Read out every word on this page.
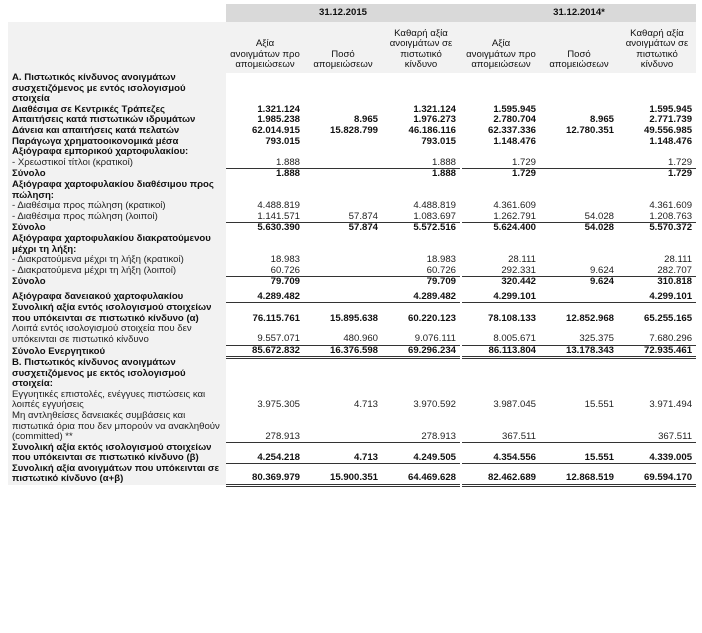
	31.12.2015				31.12.2014*		
	Αξία ανοιγμάτων προ απομειώσεων	Ποσό απομειώσεων	Καθαρή αξία ανοιγμάτων σε πιστωτικό κίνδυνο		Αξία ανοιγμάτων προ απομειώσεων	Ποσό απομειώσεων	Καθαρή αξία ανοιγμάτων σε πιστωτικό κίνδυνο
A. Πιστωτικός κίνδυνος ανοιγμάτων συσχετιζόμενος με εντός ισολογισμού στοιχεία							
Διαθέσιμα σε Κεντρικές Τράπεζες	1.321.124		1.321.124		1.595.945		1.595.945
Απαιτήσεις κατά πιστωτικών ιδρυμάτων	1.985.238	8.965	1.976.273		2.780.704	8.965	2.771.739
Δάνεια και απαιτήσεις κατά πελατών	62.014.915	15.828.799	46.186.116		62.337.336	12.780.351	49.556.985
Παράγωγα χρηματοοικονομικά μέσα	793.015		793.015		1.148.476		1.148.476
Αξιόγραφα εμπορικού χαρτοφυλακίου:							
- Χρεωστικοί τίτλοι (κρατικοί)	1.888		1.888		1.729		1.729
Σύνολο	1.888		1.888		1.729		1.729
Αξιόγραφα χαρτοφυλακίου διαθέσιμου προς πώληση:							
- Διαθέσιμα προς πώληση (κρατικοί)	4.488.819		4.488.819		4.361.609		4.361.609
- Διαθέσιμα προς πώληση (λοιποί)	1.141.571	57.874	1.083.697		1.262.791	54.028	1.208.763
Σύνολο	5.630.390	57.874	5.572.516		5.624.400	54.028	5.570.372
Αξιόγραφα χαρτοφυλακίου διακρατούμενου μέχρι τη λήξη:							
- Διακρατούμενα μέχρι τη λήξη (κρατικοί)	18.983		18.983		28.111		28.111
- Διακρατούμενα μέχρι τη λήξη (λοιποί)	60.726		60.726		292.331	9.624	282.707
Σύνολο	79.709		79.709		320.442	9.624	310.818

Αξιόγραφα δανειακού χαρτοφυλακίου	4.289.482		4.289.482		4.299.101		4.299.101
Συνολική αξία εντός ισολογισμού στοιχείων που υπόκεινται σε πιστωτικό κίνδυνο (α)	76.115.761	15.895.638	60.220.123		78.108.133	12.852.968	65.255.165
Λοιπά εντός ισολογισμού στοιχεία που δεν υπόκεινται σε πιστωτικό κίνδυνο	9.557.071	480.960	9.076.111		8.005.671	325.375	7.680.296
Σύνολο Ενεργητικού	85.672.832	16.376.598	69.296.234		86.113.804	13.178.343	72.935.461
B. Πιστωτικός κίνδυνος ανοιγμάτων συσχετιζόμενος με εκτός ισολογισμού στοιχεία:							
Εγγυητικές επιστολές, ενέγγυες πιστώσεις και λοιπές εγγυήσεις	3.975.305	4.713	3.970.592		3.987.045	15.551	3.971.494
Μη αντληθείσες δανειακές συμβάσεις και πιστωτικά όρια που δεν μπορούν να ανακληθούν (committed) **	278.913		278.913		367.511		367.511
Συνολική αξία εκτός ισολογισμού στοιχείων που υπόκεινται σε πιστωτικό κίνδυνο (β)	4.254.218	4.713	4.249.505		4.354.556	15.551	4.339.005
Συνολική αξία ανοιγμάτων που υπόκεινται σε πιστωτικό κίνδυνο (α+β)	80.369.979	15.900.351	64.469.628		82.462.689	12.868.519	69.594.170
